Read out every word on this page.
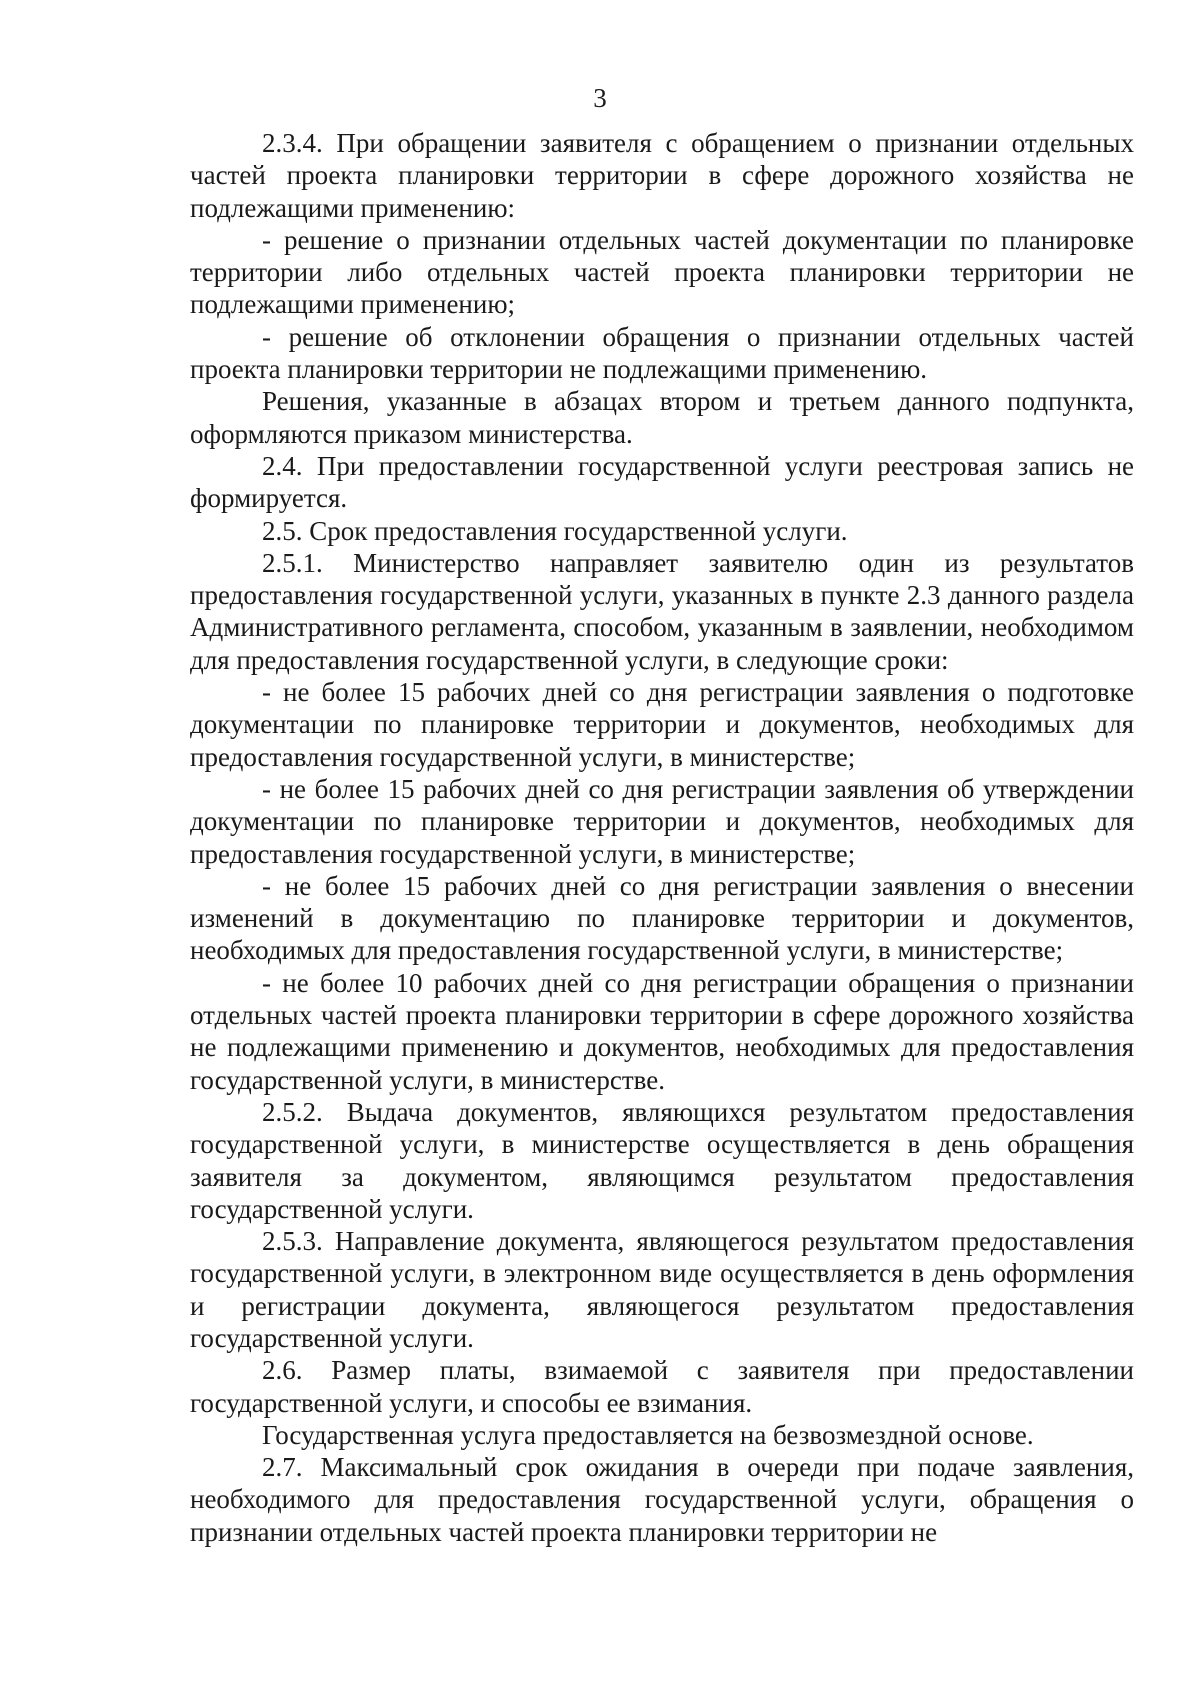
3

2.3.4. При обращении заявителя с обращением о признании отдельных частей проекта планировки территории в сфере дорожного хозяйства не подлежащими применению:

- решение о признании отдельных частей документации по планировке территории либо отдельных частей проекта планировки территории не подлежащими применению;

- решение об отклонении обращения о признании отдельных частей проекта планировки территории не подлежащими применению.

Решения, указанные в абзацах втором и третьем данного подпункта, оформляются приказом министерства.

2.4. При предоставлении государственной услуги реестровая запись не формируется.

2.5. Срок предоставления государственной услуги.

2.5.1. Министерство направляет заявителю один из результатов предоставления государственной услуги, указанных в пункте 2.3 данного раздела Административного регламента, способом, указанным в заявлении, необходимом для предоставления государственной услуги, в следующие сроки:

- не более 15 рабочих дней со дня регистрации заявления о подготовке документации по планировке территории и документов, необходимых для предоставления государственной услуги, в министерстве;

- не более 15 рабочих дней со дня регистрации заявления об утверждении документации по планировке территории и документов, необходимых для предоставления государственной услуги, в министерстве;

- не более 15 рабочих дней со дня регистрации заявления о внесении изменений в документацию по планировке территории и документов, необходимых для предоставления государственной услуги, в министерстве;

- не более 10 рабочих дней со дня регистрации обращения о признании отдельных частей проекта планировки территории в сфере дорожного хозяйства не подлежащими применению и документов, необходимых для предоставления государственной услуги, в министерстве.

2.5.2. Выдача документов, являющихся результатом предоставления государственной услуги, в министерстве осуществляется в день обращения заявителя за документом, являющимся результатом предоставления государственной услуги.

2.5.3. Направление документа, являющегося результатом предоставления государственной услуги, в электронном виде осуществляется в день оформления и регистрации документа, являющегося результатом предоставления государственной услуги.

2.6. Размер платы, взимаемой с заявителя при предоставлении государственной услуги, и способы ее взимания.

Государственная услуга предоставляется на безвозмездной основе.

2.7. Максимальный срок ожидания в очереди при подаче заявления, необходимого для предоставления государственной услуги, обращения о признании отдельных частей проекта планировки территории не
